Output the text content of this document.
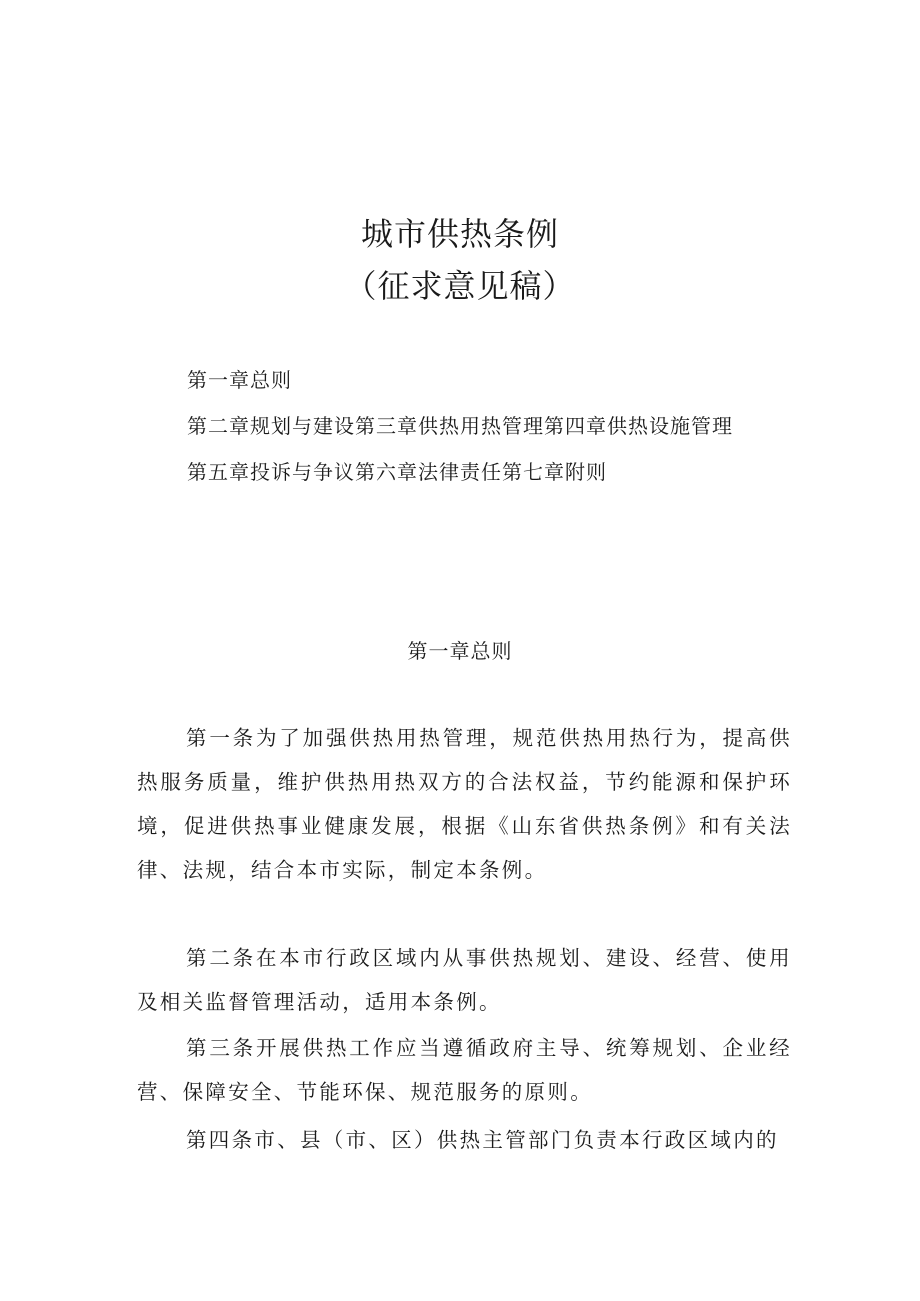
城市供热条例
（征求意见稿）
第一章总则
第二章规划与建设第三章供热用热管理第四章供热设施管理
第五章投诉与争议第六章法律责任第七章附则
第一章总则

第一条为了加强供热用热管理，规范供热用热行为，提高供热服务质量，维护供热用热双方的合法权益，节约能源和保护环境，促进供热事业健康发展，根据《山东省供热条例》和有关法律、法规，结合本市实际，制定本条例。

第二条在本市行政区域内从事供热规划、建设、经营、使用及相关监督管理活动，适用本条例。

第三条开展供热工作应当遵循政府主导、统筹规划、企业经营、保障安全、节能环保、规范服务的原则。

第四条市、县（市、区）供热主管部门负责本行政区域内的
